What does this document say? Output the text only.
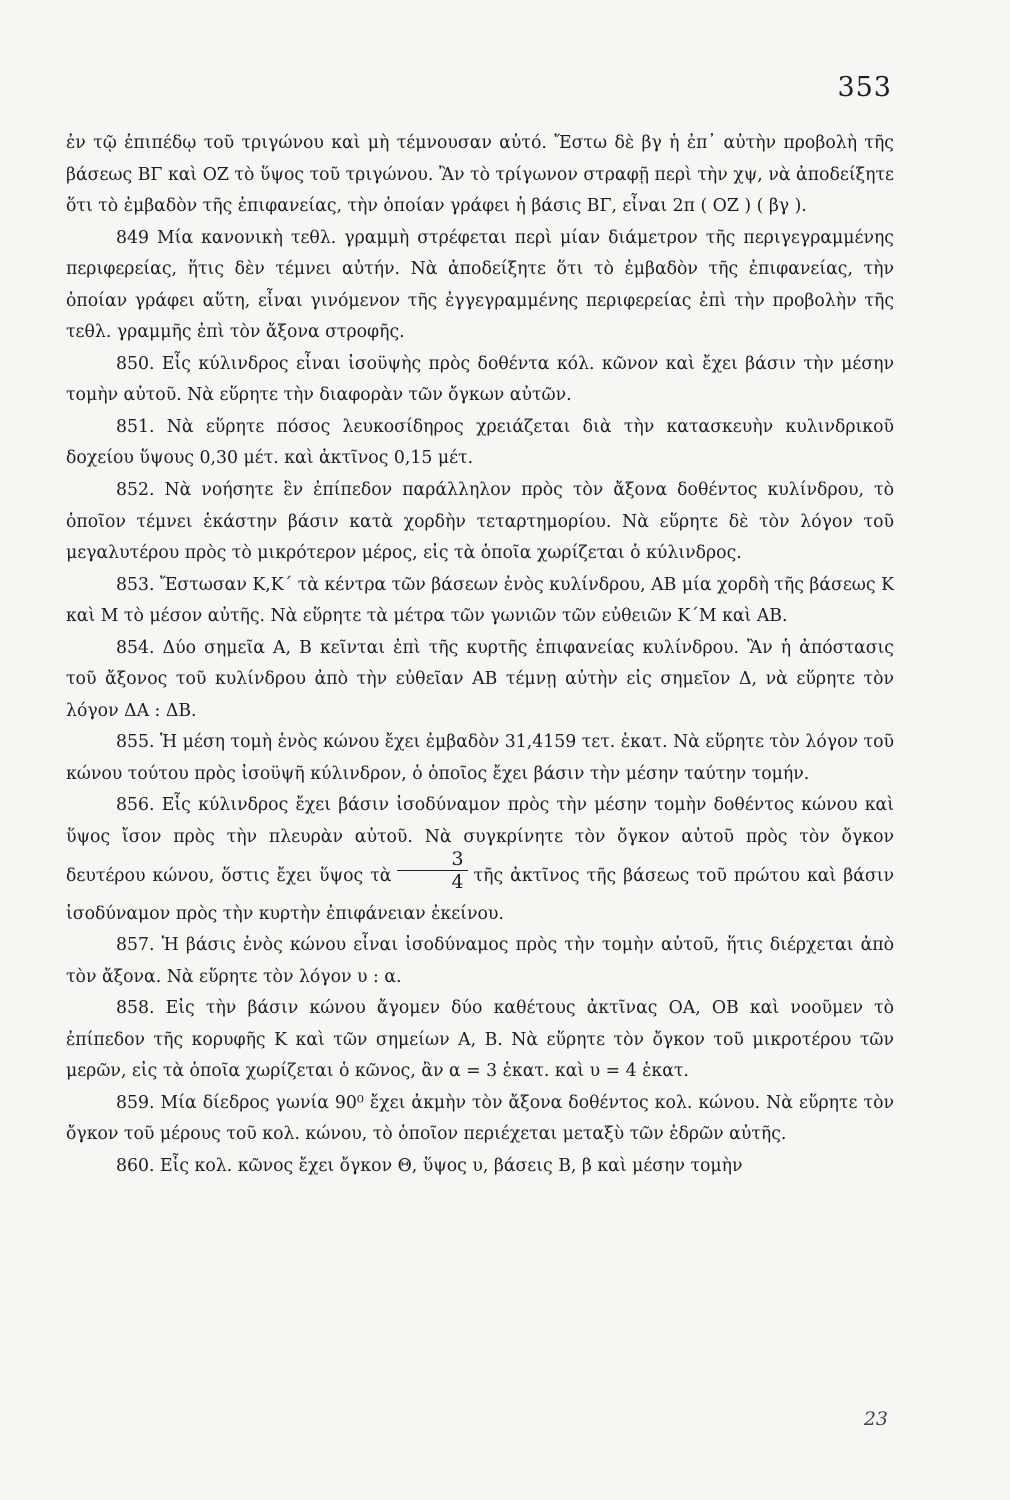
353

ἐν τῷ ἐπιπέδῳ τοῦ τριγώνου καὶ μὴ τέμνουσαν αὐτό. Ἔστω δὲ βγ ἡ ἐπ᾿ αὐτὴν προβολὴ τῆς βάσεως ΒΓ καὶ ΟΖ τὸ ὕψος τοῦ τριγώνου. Ἂν τὸ τρίγωνον στραφῇ περὶ τὴν χψ, νὰ ἀποδείξητε ὅτι τὸ ἐμβαδὸν τῆς ἐπιφανείας, τὴν ὁποίαν γράφει ἡ βάσις ΒΓ, εἶναι 2π ( ΟΖ ) ( βγ ).

849 Μία κανονικὴ τεθλ. γραμμὴ στρέφεται περὶ μίαν διάμετρον τῆς περιγεγραμμένης περιφερείας, ἥτις δὲν τέμνει αὐτήν. Νὰ ἀποδείξητε ὅτι τὸ ἐμβαδὸν τῆς ἐπιφανείας, τὴν ὁποίαν γράφει αὕτη, εἶναι γινόμενον τῆς ἐγγεγραμμένης περιφερείας ἐπὶ τὴν προβολὴν τῆς τεθλ. γραμμῆς ἐπὶ τὸν ἄξονα στροφῆς.

850. Εἷς κύλινδρος εἶναι ἰσοϋψὴς πρὸς δοθέντα κόλ. κῶνον καὶ ἔχει βάσιν τὴν μέσην τομὴν αὐτοῦ. Νὰ εὕρητε τὴν διαφορὰν τῶν ὄγκων αὐτῶν.

851. Νὰ εὕρητε πόσος λευκοσίδηρος χρειάζεται διὰ τὴν κατασκευὴν κυλινδρικοῦ δοχείου ὕψους 0,30 μέτ. καὶ ἀκτῖνος 0,15 μέτ.

852. Νὰ νοήσητε ἓν ἐπίπεδον παράλληλον πρὸς τὸν ἄξονα δοθέντος κυλίνδρου, τὸ ὁποῖον τέμνει ἑκάστην βάσιν κατὰ χορδὴν τεταρτημορίου. Νὰ εὕρητε δὲ τὸν λόγον τοῦ μεγαλυτέρου πρὸς τὸ μικρότερον μέρος, εἰς τὰ ὁποῖα χωρίζεται ὁ κύλινδρος.

853. Ἔστωσαν Κ,Κ΄ τὰ κέντρα τῶν βάσεων ἑνὸς κυλίνδρου, ΑΒ μία χορδὴ τῆς βάσεως Κ καὶ Μ τὸ μέσον αὐτῆς. Νὰ εὕρητε τὰ μέτρα τῶν γωνιῶν τῶν εὐθειῶν Κ΄Μ καὶ ΑΒ.

854. Δύο σημεῖα Α, Β κεῖνται ἐπὶ τῆς κυρτῆς ἐπιφανείας κυλίνδρου. Ἂν ἡ ἀπόστασις τοῦ ἄξονος τοῦ κυλίνδρου ἀπὸ τὴν εὐθεῖαν ΑΒ τέμνῃ αὐτὴν εἰς σημεῖον Δ, νὰ εὕρητε τὸν λόγον ΔΑ : ΔΒ.

855. Ἡ μέση τομὴ ἑνὸς κώνου ἔχει ἐμβαδὸν 31,4159 τετ. ἑκατ. Νὰ εὕρητε τὸν λόγον τοῦ κώνου τούτου πρὸς ἰσοϋψῆ κύλινδρον, ὁ ὁποῖος ἔχει βάσιν τὴν μέσην ταύτην τομήν.

856. Εἷς κύλινδρος ἔχει βάσιν ἰσοδύναμον πρὸς τὴν μέσην τομὴν δοθέντος κώνου καὶ ὕψος ἴσον πρὸς τὴν πλευρὰν αὐτοῦ. Νὰ συγκρίνητε τὸν ὄγκον αὐτοῦ πρὸς τὸν ὄγκον δευτέρου κώνου, ὅστις ἔχει ὕψος τὰ $\frac{3}{4}$ τῆς ἀκτῖνος τῆς βάσεως τοῦ πρώτου καὶ βάσιν ἰσοδύναμον πρὸς τὴν κυρτὴν ἐπιφάνειαν ἐκείνου.

857. Ἡ βάσις ἑνὸς κώνου εἶναι ἰσοδύναμος πρὸς τὴν τομὴν αὐτοῦ, ἥτις διέρχεται ἀπὸ τὸν ἄξονα. Νὰ εὕρητε τὸν λόγον υ : α.

858. Εἰς τὴν βάσιν κώνου ἄγομεν δύο καθέτους ἀκτῖνας ΟΑ, ΟΒ καὶ νοοῦμεν τὸ ἐπίπεδον τῆς κορυφῆς Κ καὶ τῶν σημείων Α, Β. Νὰ εὕρητε τὸν ὄγκον τοῦ μικροτέρου τῶν μερῶν, εἰς τὰ ὁποῖα χωρίζεται ὁ κῶνος, ἂν α = 3 ἑκατ. καὶ υ = 4 ἑκατ.

859. Μία δίεδρος γωνία 90⁰ ἔχει ἀκμὴν τὸν ἄξονα δοθέντος κολ. κώνου. Νὰ εὕρητε τὸν ὄγκον τοῦ μέρους τοῦ κολ. κώνου, τὸ ὁποῖον περιέχεται μεταξὺ τῶν ἑδρῶν αὐτῆς.

860. Εἷς κολ. κῶνος ἔχει ὄγκον Θ, ὕψος υ, βάσεις Β, β καὶ μέσην τομὴν

23
